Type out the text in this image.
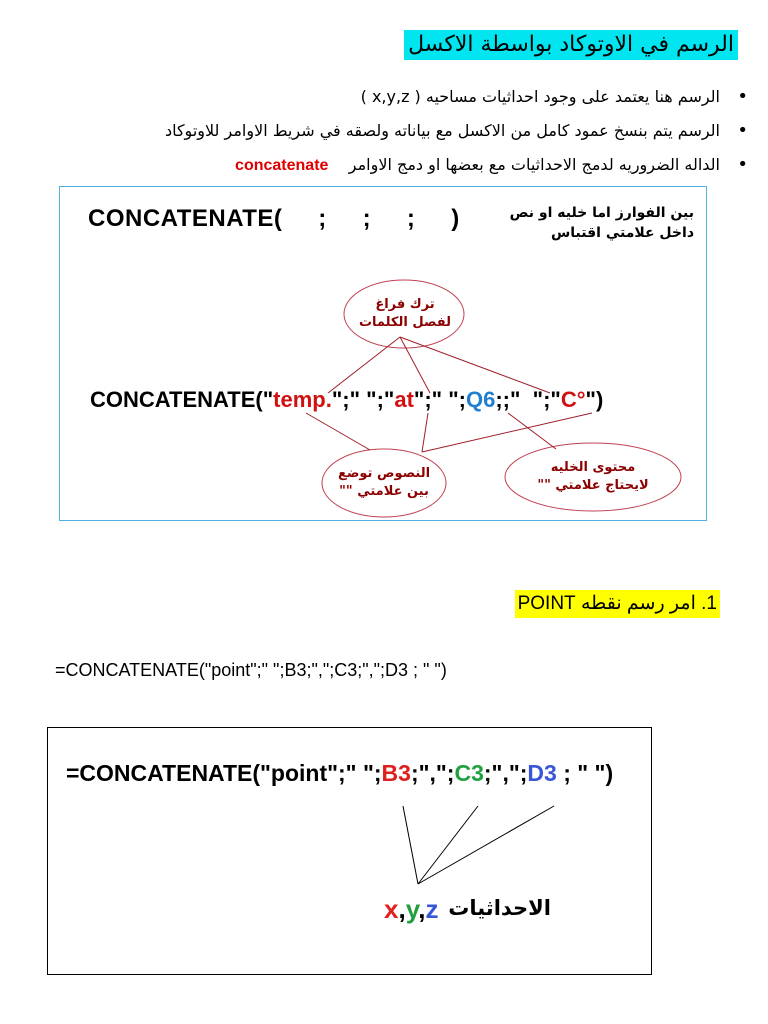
الرسم في الاوتوكاد بواسطة الاكسل
• الرسم هنا يعتمد على وجود احداثيات مساحيه ( x,y,z )
• الرسم يتم بنسخ عمود كامل من الاكسل مع بياناته ولصقه في شريط الاوامر للاوتوكاد
• الداله الضروريه لدمج الاحداثيات مع بعضها او دمج الاوامر    concatenate
CONCATENATE(     ;     ;     ;     )	بين الفوارز اما خليه او نص داخل علامتي اقتباس
ترك فراغ
لفصل الكلمات
CONCATENATE("temp.";" ";"at";" ";Q6;;"  ";"C°")
النصوص توضع
بين علامتي ""
محتوى الخليه
لايحتاج علامتي ""
1. امر رسم نقطه POINT
=CONCATENATE("point";" ";B3;",";C3;",";D3 ; " ")
=CONCATENATE("point";" ";B3;",";C3;",";D3 ; " ")
x,y,z الاحداثيات
